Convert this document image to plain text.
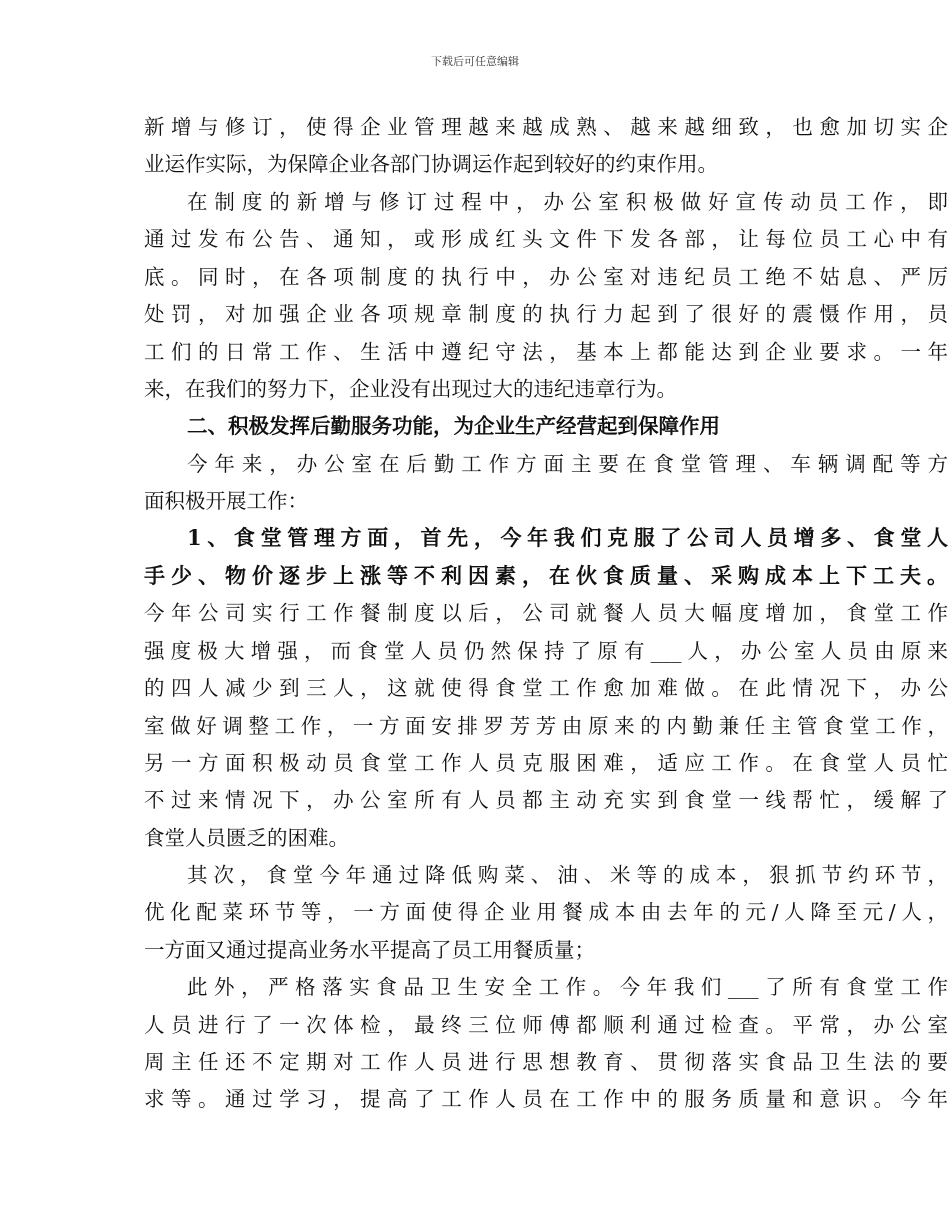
下载后可任意编辑
新增与修订，使得企业管理越来越成熟、越来越细致，也愈加切实企
业运作实际，为保障企业各部门协调运作起到较好的约束作用。
在制度的新增与修订过程中，办公室积极做好宣传动员工作，即
通过发布公告、通知，或形成红头文件下发各部，让每位员工心中有
底。同时，在各项制度的执行中，办公室对违纪员工绝不姑息、严厉
处罚，对加强企业各项规章制度的执行力起到了很好的震慑作用，员
工们的日常工作、生活中遵纪守法，基本上都能达到企业要求。一年
来，在我们的努力下，企业没有出现过大的违纪违章行为。
二、积极发挥后勤服务功能，为企业生产经营起到保障作用
今年来，办公室在后勤工作方面主要在食堂管理、车辆调配等方
面积极开展工作：
1、食堂管理方面，首先，今年我们克服了公司人员增多、食堂人
手少、物价逐步上涨等不利因素，在伙食质量、采购成本上下工夫。
今年公司实行工作餐制度以后，公司就餐人员大幅度增加，食堂工作
强度极大增强，而食堂人员仍然保持了原有___人，办公室人员由原来
的四人减少到三人，这就使得食堂工作愈加难做。在此情况下，办公
室做好调整工作，一方面安排罗芳芳由原来的内勤兼任主管食堂工作，
另一方面积极动员食堂工作人员克服困难，适应工作。在食堂人员忙
不过来情况下，办公室所有人员都主动充实到食堂一线帮忙，缓解了
食堂人员匮乏的困难。
其次，食堂今年通过降低购菜、油、米等的成本，狠抓节约环节，
优化配菜环节等，一方面使得企业用餐成本由去年的元/人降至元/人，
一方面又通过提高业务水平提高了员工用餐质量；
此外，严格落实食品卫生安全工作。今年我们___了所有食堂工作
人员进行了一次体检，最终三位师傅都顺利通过检查。平常，办公室
周主任还不定期对工作人员进行思想教育、贯彻落实食品卫生法的要
求等。通过学习，提高了工作人员在工作中的服务质量和意识。今年
